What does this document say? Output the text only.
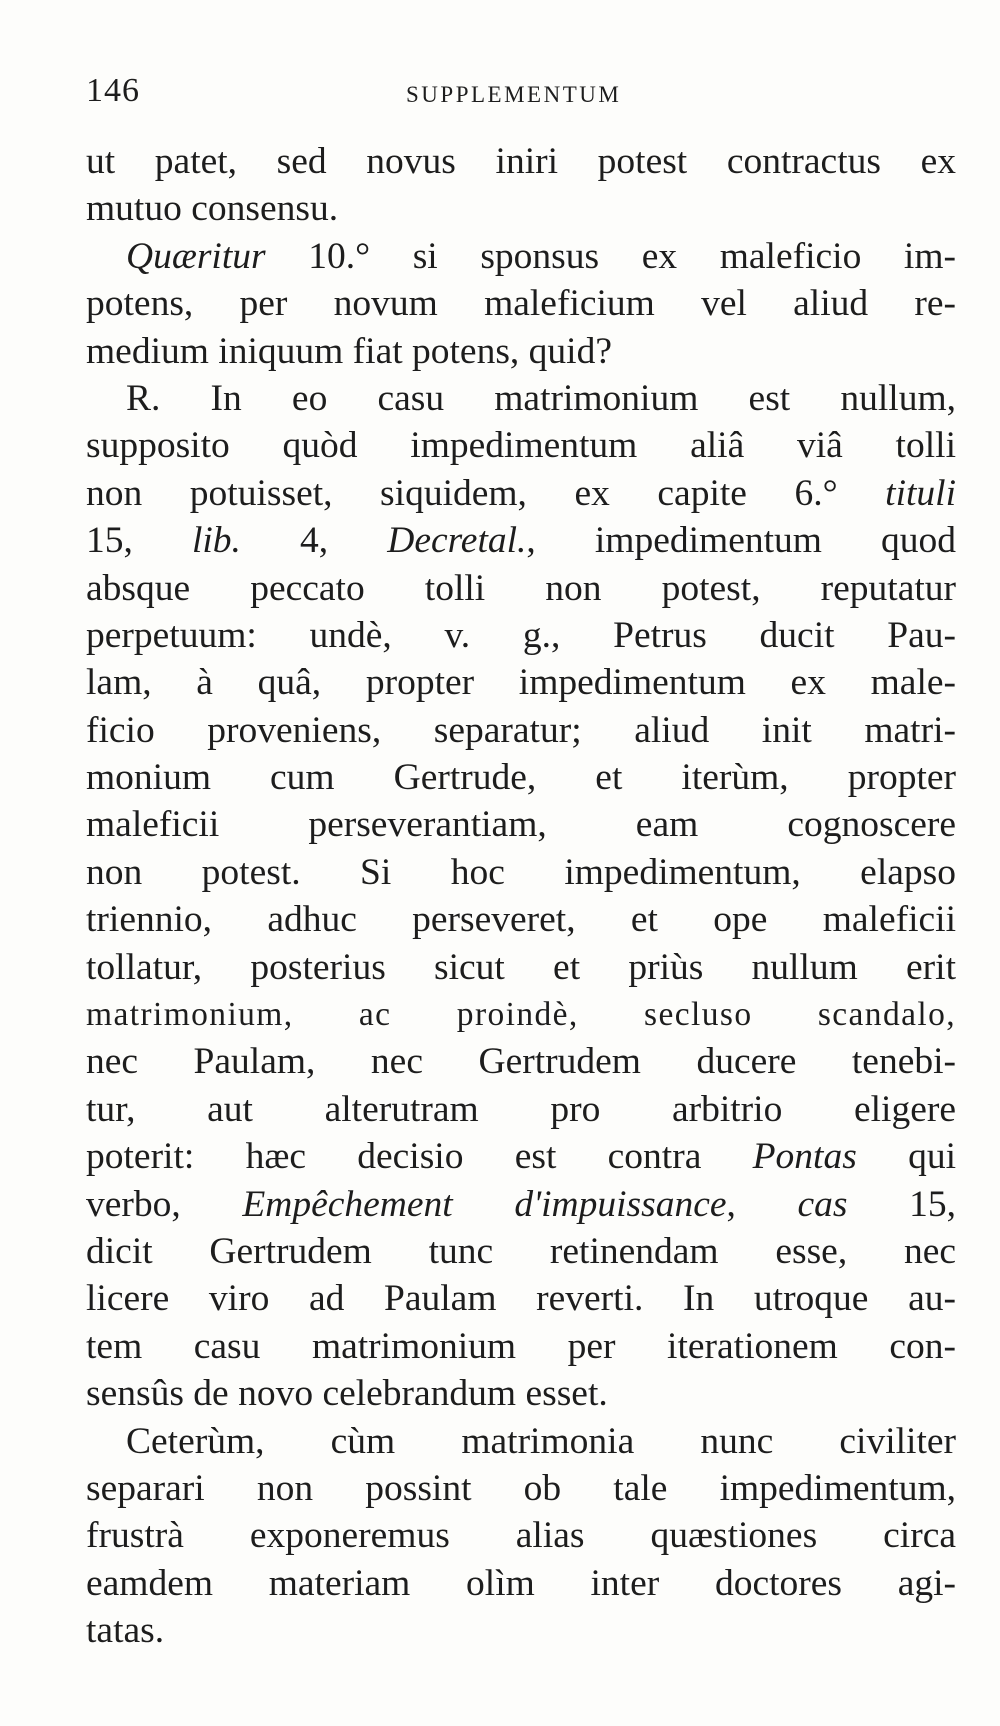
146	SUPPLEMENTUM
ut patet, sed novus iniri potest contractus ex
mutuo consensu.
Quæritur 10.° si sponsus ex maleficio im-
potens, per novum maleficium vel aliud re-
medium iniquum fiat potens, quid?
R. In eo casu matrimonium est nullum,
supposito quòd impedimentum aliâ viâ tolli
non potuisset, siquidem, ex capite 6.° tituli
15, lib. 4, Decretal., impedimentum quod
absque peccato tolli non potest, reputatur
perpetuum: undè, v. g., Petrus ducit Pau-
lam, à quâ, propter impedimentum ex male-
ficio proveniens, separatur; aliud init matri-
monium cum Gertrude, et iterùm, propter
maleficii perseverantiam, eam cognoscere
non potest. Si hoc impedimentum, elapso
triennio, adhuc perseveret, et ope maleficii
tollatur, posterius sicut et priùs nullum erit
matrimonium, ac proindè, secluso scandalo,
nec Paulam, nec Gertrudem ducere tenebi-
tur, aut alterutram pro arbitrio eligere
poterit: hæc decisio est contra Pontas qui
verbo, Empêchement d'impuissance, cas 15,
dicit Gertrudem tunc retinendam esse, nec
licere viro ad Paulam reverti. In utroque au-
tem casu matrimonium per iterationem con-
sensûs de novo celebrandum esset.
Ceterùm, cùm matrimonia nunc civiliter
separari non possint ob tale impedimentum,
frustrà exponeremus alias quæstiones circa
eamdem materiam olìm inter doctores agi-
tatas.
